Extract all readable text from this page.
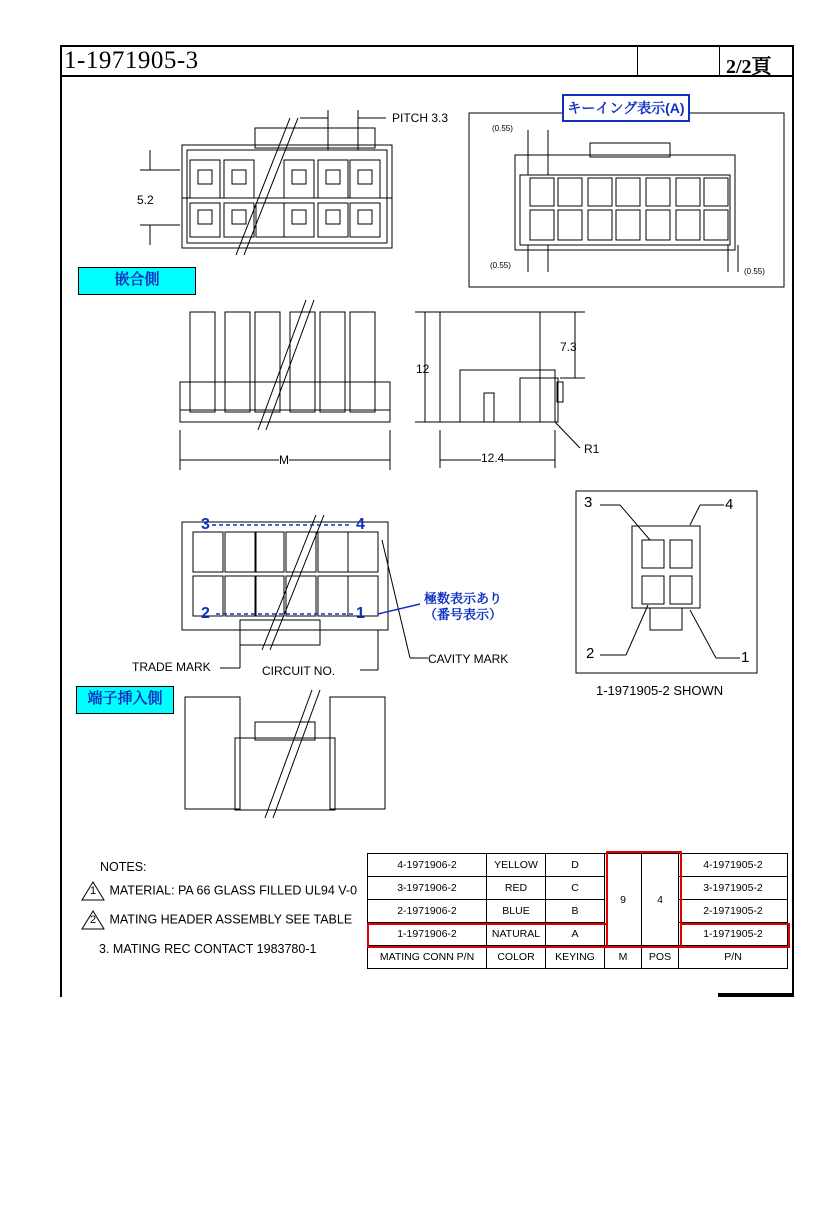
1-1971905-3	2/2頁
PITCH 3.3
5.2
12
7.3
12.4
M
R1
(0.55)
(0.55)
(0.55)
キーイング表示(A)
嵌合側
端子挿入側
TRADE MARK	CIRCUIT NO.
CAVITY MARK
極数表示あり
（番号表示）
3	4
2	1
3	4
2	1
1-1971905-2 SHOWN
NOTES:

1 MATERIAL: PA 66 GLASS FILLED UL94 V-0

2 MATING HEADER ASSEMBLY SEE TABLE
3. MATING REC CONTACT 1983780-1
4-1971906-2	YELLOW	D	9	4	4-1971905-2
3-1971906-2	RED	C			3-1971905-2
2-1971906-2	BLUE	B			2-1971905-2
1-1971906-2	NATURAL	A			1-1971905-2
MATING CONN P/N	COLOR	KEYING	M	POS	P/N
